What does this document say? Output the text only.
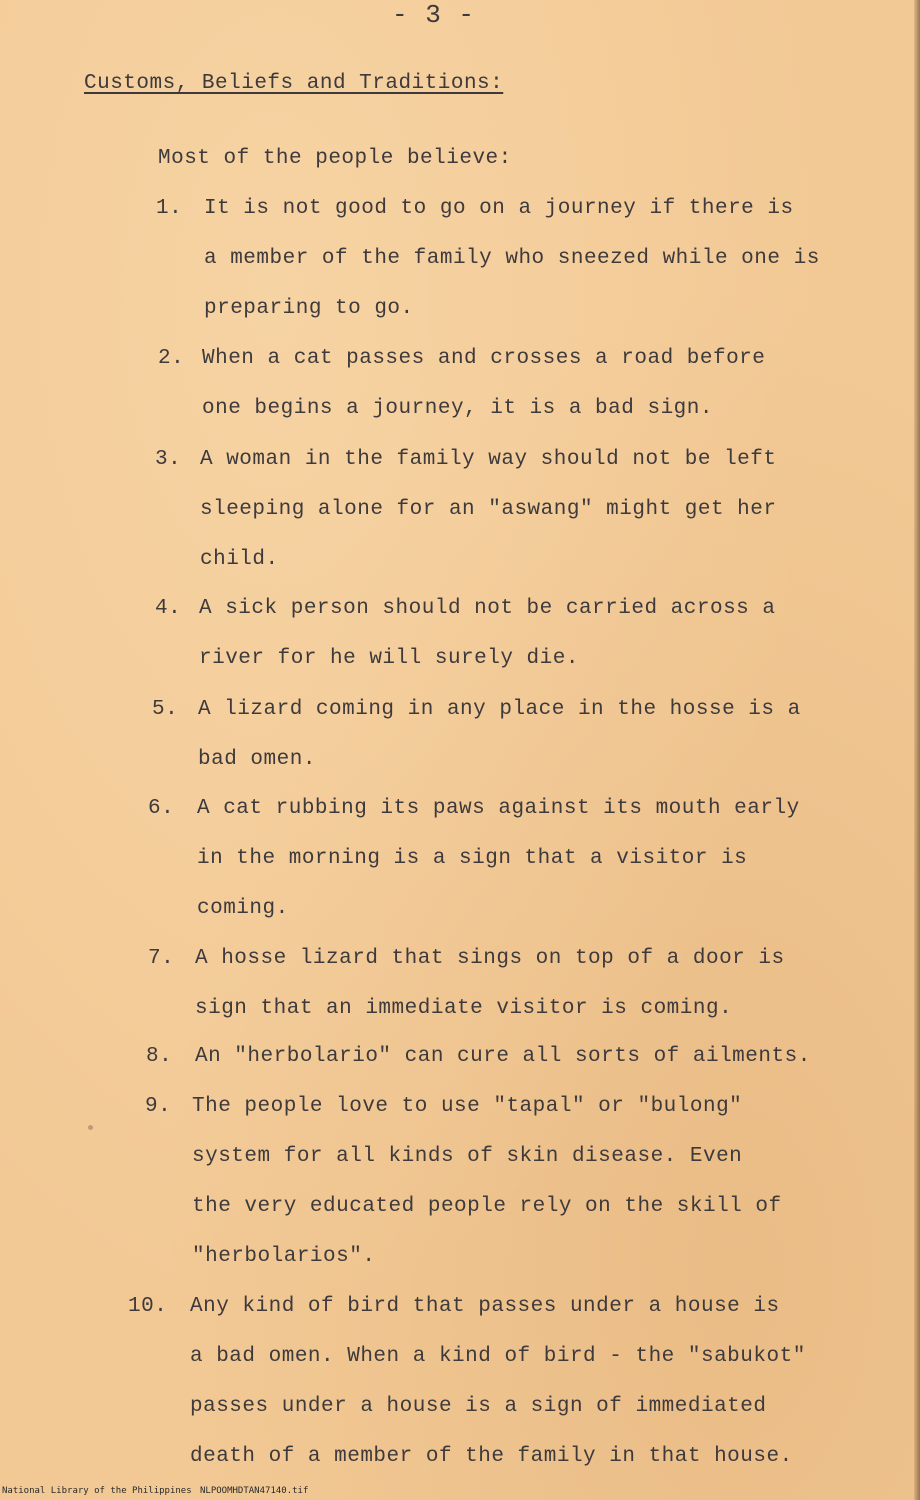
- 3 -
Customs, Beliefs and Traditions:
Most of the people believe:
1. It is not good to go on a journey if there is
a member of the family who sneezed while one is
preparing to go.
2. When a cat passes and crosses a road before
one begins a journey, it is a bad sign.
3. A woman in the family way should not be left
sleeping alone for an "aswang" might get her
child.
4. A sick person should not be carried across a
river for he will surely die.
5. A lizard coming in any place in the hosse is a
bad omen.
6. A cat rubbing its paws against its mouth early
in the morning is a sign that a visitor is
coming.
7. A hosse lizard that sings on top of a door is
sign that an immediate visitor is coming.
8. An "herbolario" can cure all sorts of ailments.
9. The people love to use "tapal" or "bulong"
system for all kinds of skin disease. Even
the very educated people rely on the skill of
"herbolarios".
10. Any kind of bird that passes under a house is
a bad omen. When a kind of bird - the "sabukot"
passes under a house is a sign of immediated
death of a member of the family in that house.
National Library of the Philippines NLPOOMHDTAN47140.tif
